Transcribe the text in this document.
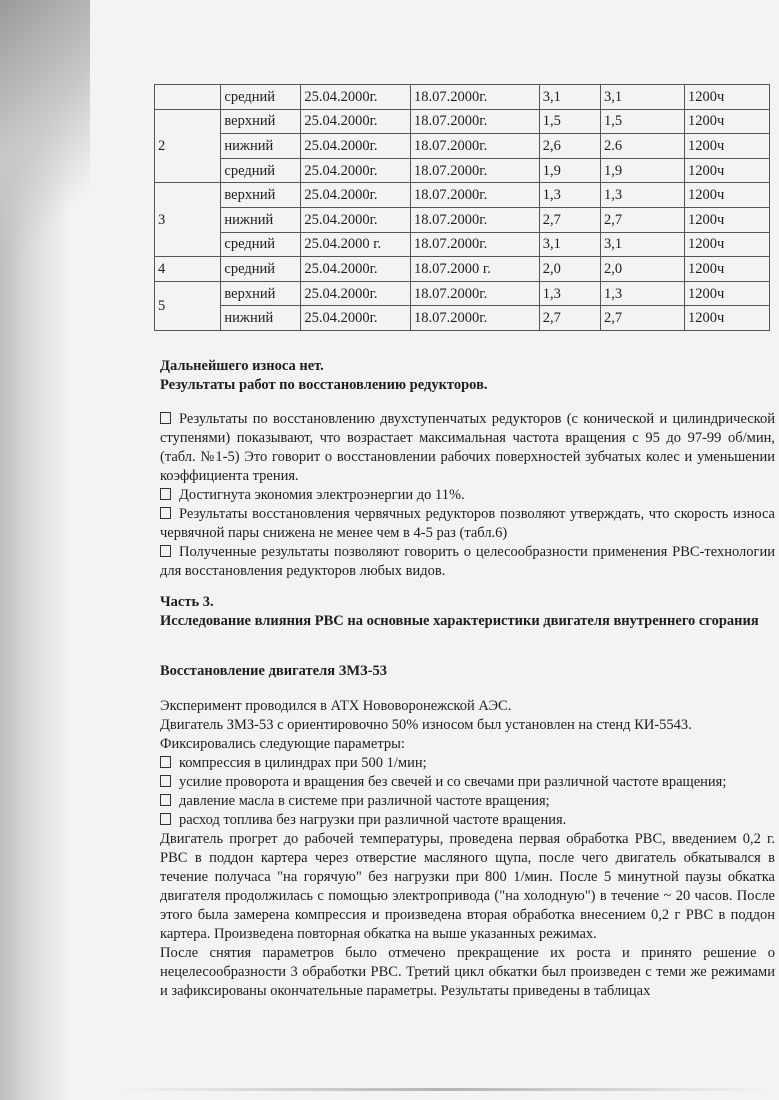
	средний	25.04.2000г.	18.07.2000г.	3,1	3,1	1200ч
2	верхний	25.04.2000г.	18.07.2000г.	1,5	1,5	1200ч
	нижний	25.04.2000г.	18.07.2000г.	2,6	2.6	1200ч
	средний	25.04.2000г.	18.07.2000г.	1,9	1,9	1200ч
3	верхний	25.04.2000г.	18.07.2000г.	1,3	1,3	1200ч
	нижний	25.04.2000г.	18.07.2000г.	2,7	2,7	1200ч
	средний	25.04.2000 г.	18.07.2000г.	3,1	3,1	1200ч
4	средний	25.04.2000г.	18.07.2000 г.	2,0	2,0	1200ч
5	верхний	25.04.2000г.	18.07.2000г.	1,3	1,3	1200ч
	нижний	25.04.2000г.	18.07.2000г.	2,7	2,7	1200ч

Дальнейшего износа нет.

Результаты работ по восстановлению редукторов.

Результаты по восстановлению двухступенчатых редукторов (с конической и цилиндрической ступенями) показывают, что возрастает максимальная частота вращения с 95 до 97-99 об/мин, (табл. №1-5) Это говорит о восстановлении рабочих поверхностей зубчатых колес и уменьшении коэффициента трения.

Достигнута экономия электроэнергии до 11%.

Результаты восстановления червячных редукторов позволяют утверждать, что скорость износа червячной пары снижена не менее чем в 4-5 раз (табл.6)

Полученные результаты позволяют говорить о целесообразности применения РВС-технологии для восстановления редукторов любых видов.

Часть 3.

Исследование влияния РВС на основные характеристики двигателя внутреннего сгорания

Восстановление двигателя ЗМЗ-53

Эксперимент проводился в АТХ Нововоронежской АЭС.

Двигатель ЗМЗ-53 с ориентировочно 50% износом был установлен на стенд КИ-5543.

Фиксировались следующие параметры:

компрессия в цилиндрах при 500 1/мин;

усилие проворота и вращения без свечей и со свечами при различной частоте вращения;

давление масла в системе при различной частоте вращения;

расход топлива без нагрузки при различной частоте вращения.

Двигатель прогрет до рабочей температуры, проведена первая обработка РВС, введением 0,2 г. РВС в поддон картера через отверстие масляного щупа, после чего двигатель обкатывался в течение получаса "на горячую" без нагрузки при 800 1/мин. После 5 минутной паузы обкатка двигателя продолжилась с помощью электропривода ("на холодную") в течение ~ 20 часов. После этого была замерена компрессия и произведена вторая обработка внесением 0,2 г РВС в поддон картера. Произведена повторная обкатка на выше указанных режимах.

После снятия параметров было отмечено прекращение их роста и принято решение о нецелесообразности 3 обработки РВС. Третий цикл обкатки был произведен с теми же режимами и зафиксированы окончательные параметры. Результаты приведены в таблицах
